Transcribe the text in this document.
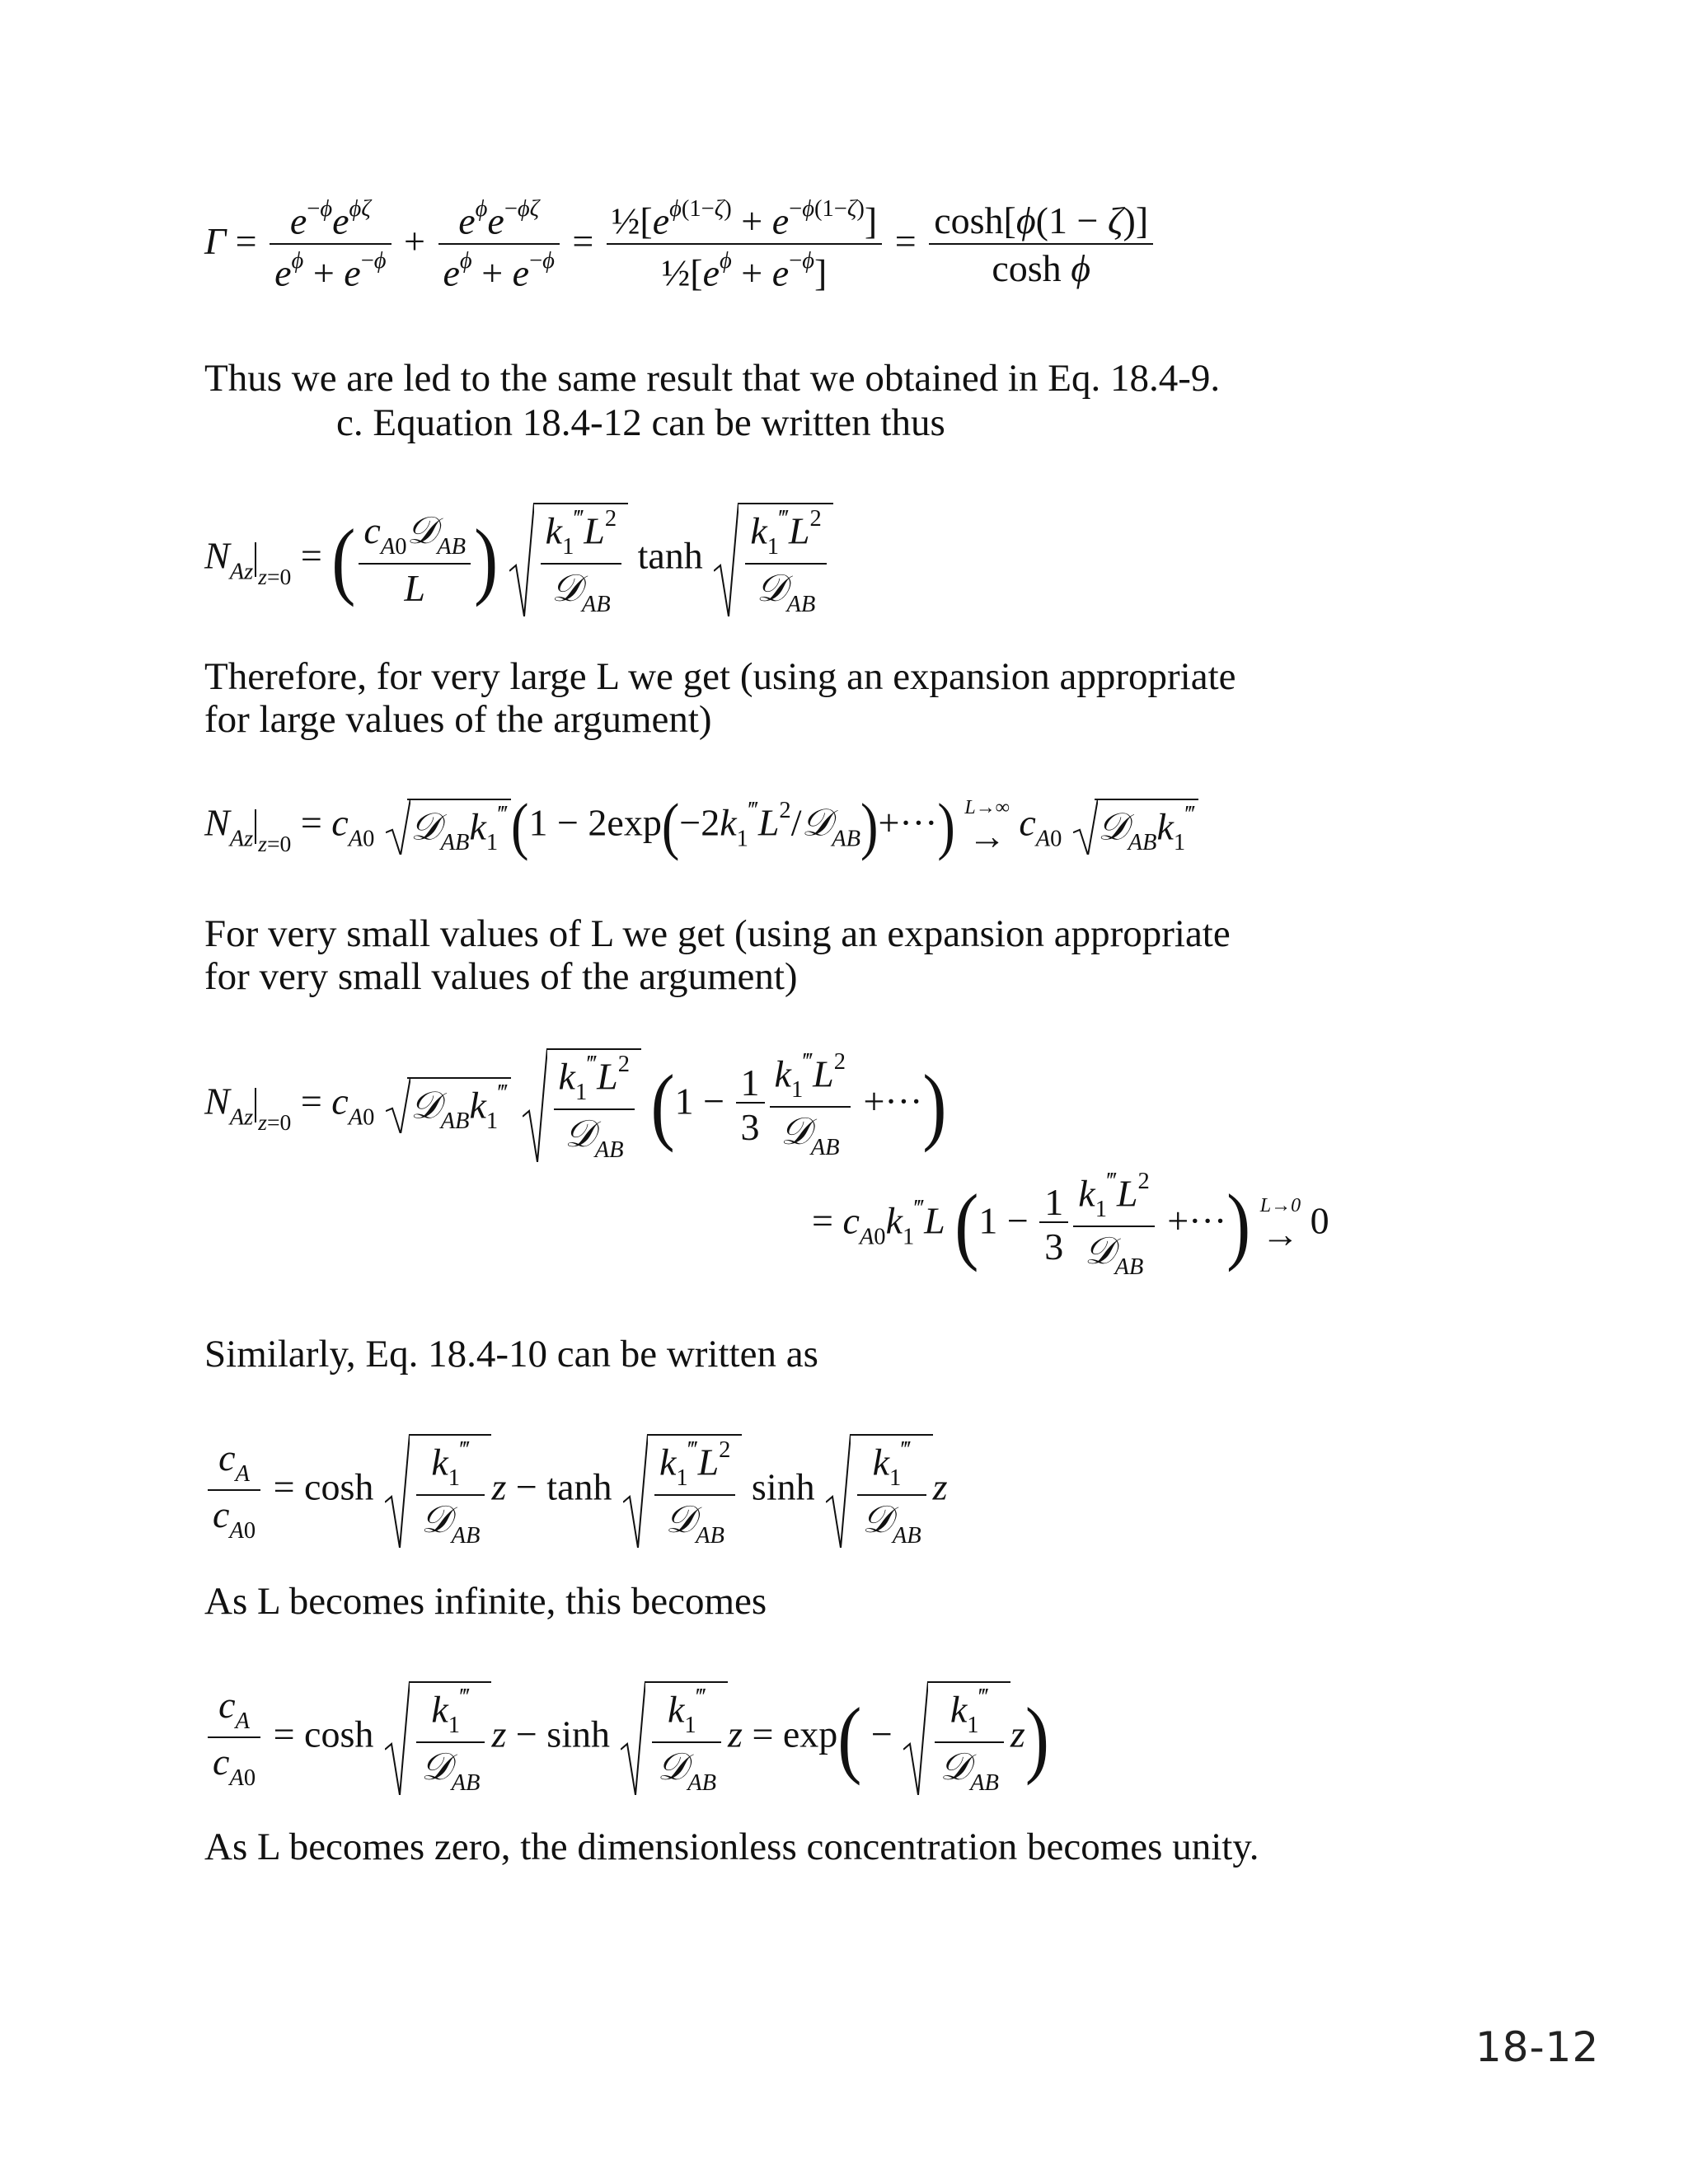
$\Gamma = \frac{e^{-\phi}e^{\phi\zeta}}{e^\phi + e^{-\phi}} + \frac{e^\phi e^{-\phi\zeta}}{e^\phi + e^{-\phi}} = \frac{\frac{1}{2}[e^{\phi(1-\zeta)} + e^{-\phi(1-\zeta)}]}{\frac{1}{2}[e^\phi + e^{-\phi}]} = \frac{\cosh[\phi(1 - \zeta)]}{\text{cosh ϕ}}$
Thus we are led to the same result that we obtained in Eq. 18.4-9.
c. Equation 18.4-12 can be written thus
$N_{Az}$ $_{z=0}$ = ( $\frac{c_{A0}𝒟_{AB}}{L}$ ) $\frac{k_1^‴L^2}{𝒟_{AB}}$ $\tanh \frac{k_1^‴L^2}{𝒟_{AB}}$
Therefore, for very large L we get (using an expansion appropriate
for large values of the argument)
$N_{Az}$ $_{z=0} = c_{A0}$ $𝒟_{AB}k_1^‴(1$ − $2\exp(-2k_1^‴L^2/𝒟_{AB})+\cdot\cdot\cdot$) L→∞
→ $c_{A0}$ $𝒟_{AB}k_1^‴$
For very small values of L we get (using an expansion appropriate
for very small values of the argument)
$N_{Az}$ $_{z=0} = c_{A0}$ $𝒟_{AB}k_1^‴ \frac{k_1^‴L^2}{𝒟_{AB}} (1 - \frac{1}{3} \frac{k_1^‴L^2}{𝒟_{AB}}$ +···)
= $c_{A0}k_1^‴L$ ($1 - \frac{1}{3} \frac{k_1^‴L^2}{𝒟_{AB}}$ +···) L→0
→ 0
Similarly, Eq. 18.4-10 can be written as
$\frac{c_A}{c_{A0}} = \cosh \frac{k_1^‴}{𝒟_{AB}}$ $z - \tanh \frac{k_1^‴L^2}{𝒟_{AB}}$ $\sinh \frac{k_1^‴}{𝒟_{AB}}$ z
As L becomes infinite, this becomes
$\frac{c_A}{c_{A0}} = \cosh \frac{k_1^‴}{𝒟_{AB}}$ $z - \sinh \frac{k_1^‴}{𝒟_{AB}}$ $z = \exp( - \frac{k_1^‴}{𝒟_{AB}} z)$
As L becomes zero, the dimensionless concentration becomes unity.
18-12
